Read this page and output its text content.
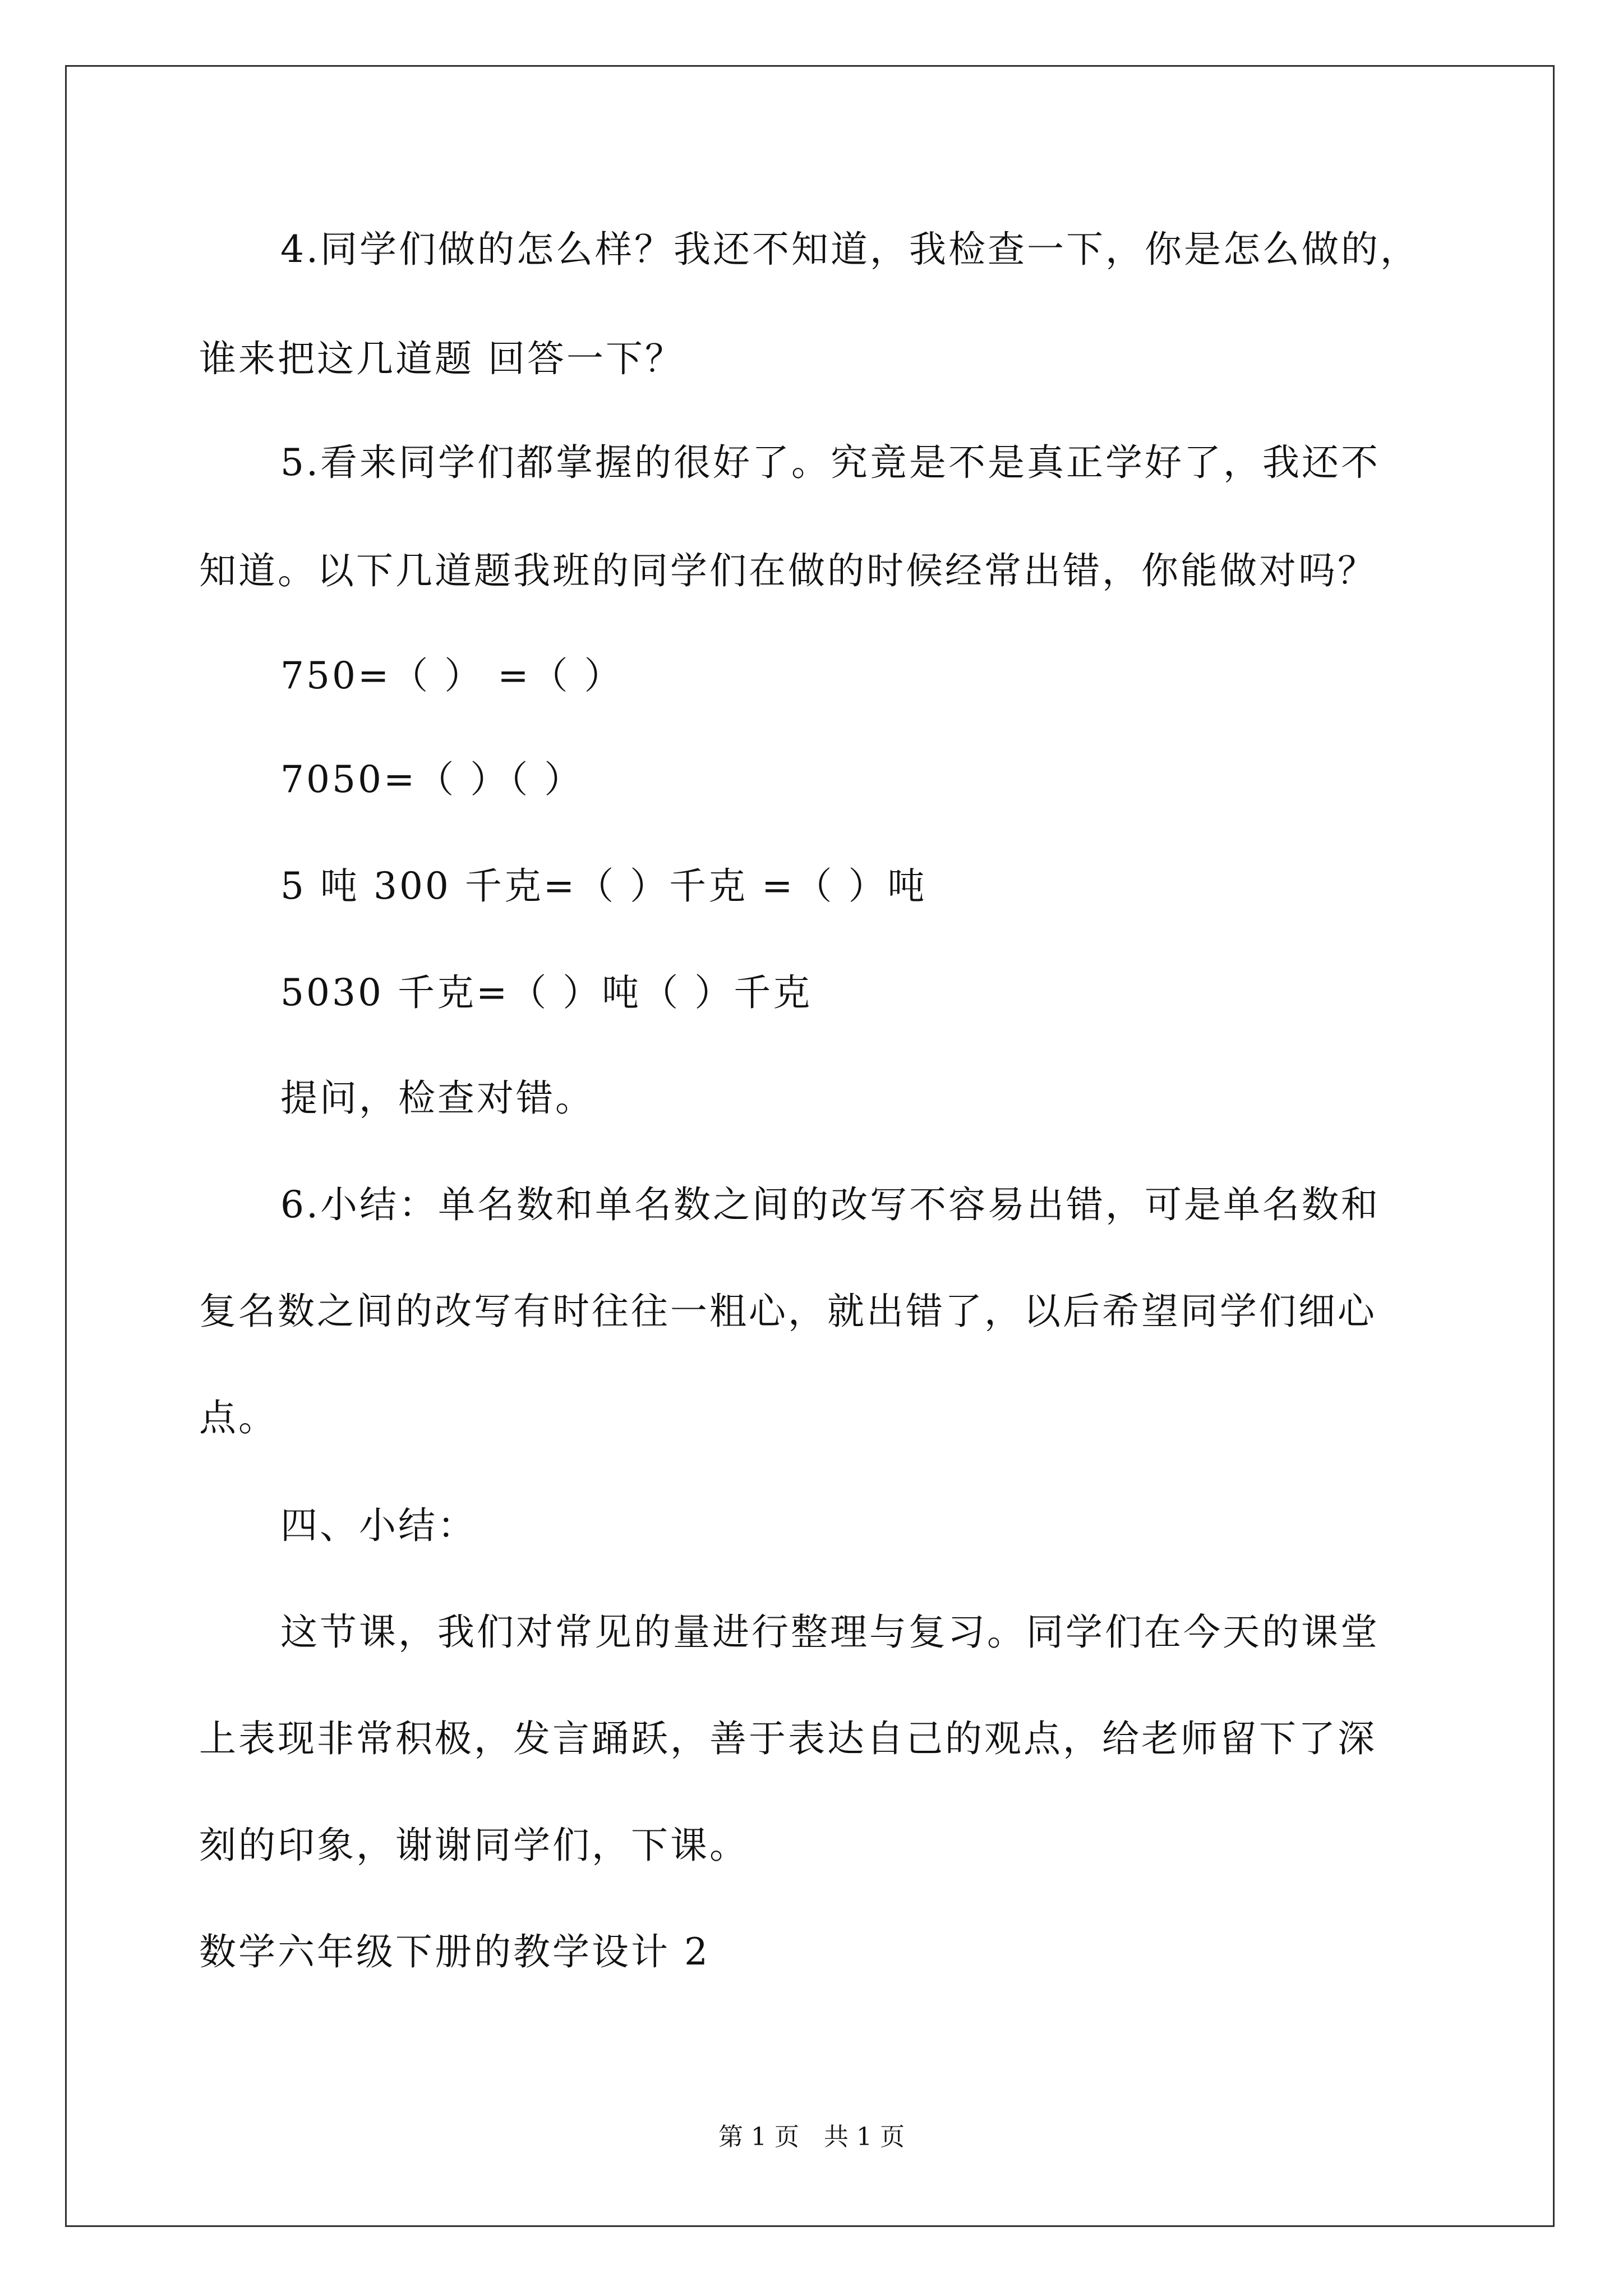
4.同学们做的怎么样？我还不知道，我检查一下，你是怎么做的，
谁来把这几道题 回答一下？
5.看来同学们都掌握的很好了。究竟是不是真正学好了，我还不
知道。以下几道题我班的同学们在做的时候经常出错，你能做对吗？
750=（ ） =（ ）
7050=（ ）（ ）
5 吨 300 千克=（ ）千克 =（ ）吨
5030 千克=（ ）吨（ ）千克
提问，检查对错。
6.小结：单名数和单名数之间的改写不容易出错，可是单名数和
复名数之间的改写有时往往一粗心，就出错了，以后希望同学们细心
点。
四、小结：
这节课，我们对常见的量进行整理与复习。同学们在今天的课堂
上表现非常积极，发言踊跃，善于表达自己的观点，给老师留下了深
刻的印象，谢谢同学们，下课。
数学六年级下册的教学设计 2
第 1 页　共 1 页
